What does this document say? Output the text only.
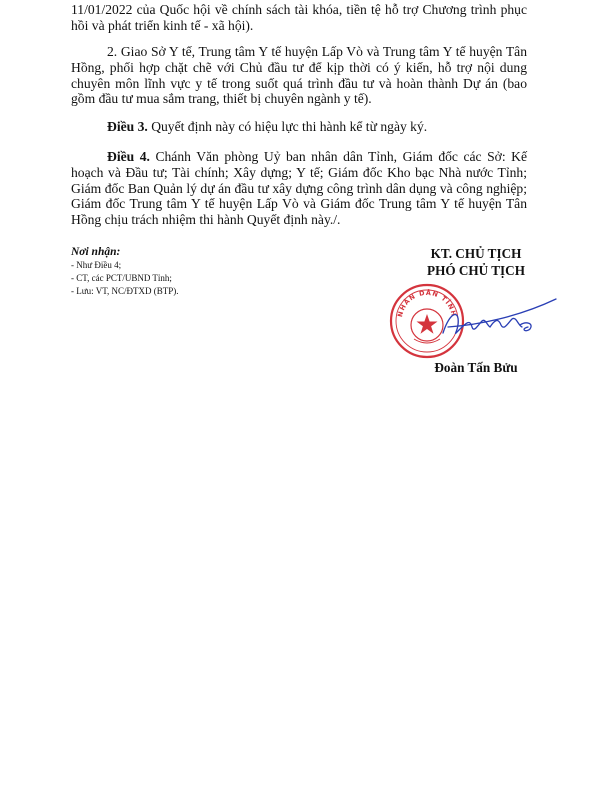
11/01/2022 của Quốc hội về chính sách tài khóa, tiền tệ hỗ trợ Chương trình phục hồi và phát triển kinh tế - xã hội).

2. Giao Sở Y tế, Trung tâm Y tế huyện Lấp Vò và Trung tâm Y tế huyện Tân Hồng, phối hợp chặt chẽ với Chủ đầu tư để kịp thời có ý kiến, hỗ trợ nội dung chuyên môn lĩnh vực y tế trong suốt quá trình đầu tư và hoàn thành Dự án (bao gồm đầu tư mua sắm trang, thiết bị chuyên ngành y tế).

Điều 3. Quyết định này có hiệu lực thi hành kể từ ngày ký.

Điều 4. Chánh Văn phòng Uỷ ban nhân dân Tỉnh, Giám đốc các Sở: Kế hoạch và Đầu tư; Tài chính; Xây dựng; Y tế; Giám đốc Kho bạc Nhà nước Tỉnh; Giám đốc Ban Quản lý dự án đầu tư xây dựng công trình dân dụng và công nghiệp; Giám đốc Trung tâm Y tế huyện Lấp Vò và Giám đốc Trung tâm Y tế huyện Tân Hồng chịu trách nhiệm thi hành Quyết định này./.

Nơi nhận:
- Như Điều 4;
- CT, các PCT/UBND Tỉnh;
- Lưu: VT, NC/ĐTXD (BTP).
KT. CHỦ TỊCH
PHÓ CHỦ TỊCH
NHÂN DÂN TỈNH
Đoàn Tấn Bửu
